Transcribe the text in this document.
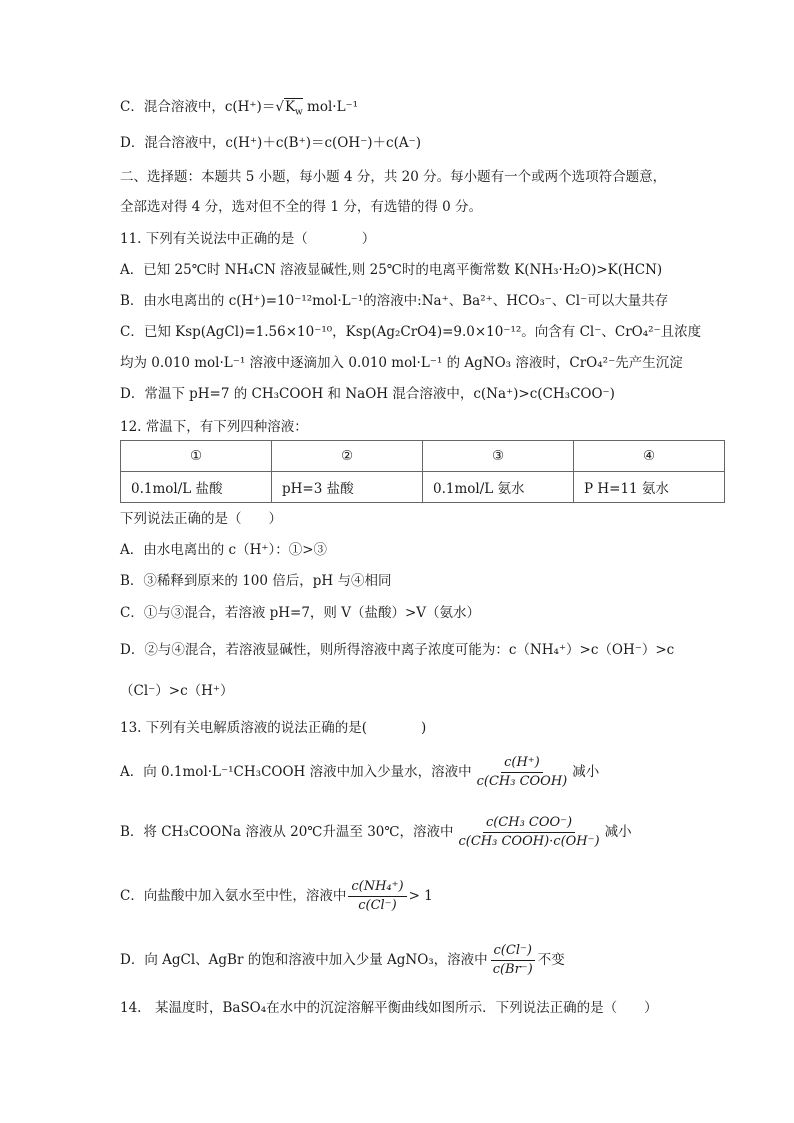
C．混合溶液中，$c(H^+)=√K_w$ mol·L⁻¹
D．混合溶液中，c(H⁺)＋c(B⁺)＝c(OH⁻)＋c(A⁻)
二、选择题：本题共 5 小题，每小题 4 分，共 20 分。每小题有一个或两个选项符合题意，
全部选对得 4 分，选对但不全的得 1 分，有选错的得 0 分。
11. 下列有关说法中正确的是（　　　　）
A．已知 25℃时 NH₄CN 溶液显碱性,则 25℃时的电离平衡常数 K(NH₃·H₂O)>K(HCN)
B．由水电离出的 c(H⁺)=10⁻¹²mol·L⁻¹的溶液中:Na⁺、Ba²⁺、HCO₃⁻、Cl⁻可以大量共存
C．已知 Ksp(AgCl)=1.56×10⁻¹⁰，Ksp(Ag₂CrO4)=9.0×10⁻¹²。向含有 Cl⁻、CrO₄²⁻且浓度
均为 0.010 mol·L⁻¹ 溶液中逐滴加入 0.010 mol·L⁻¹ 的 AgNO₃ 溶液时，CrO₄²⁻先产生沉淀
D．常温下 pH=7 的 CH₃COOH 和 NaOH 混合溶液中，c(Na⁺)>c(CH₃COO⁻)
12. 常温下，有下列四种溶液：
①	②	③	④
0.1mol/L 盐酸	pH=3 盐酸	0.1mol/L 氨水	P H=11 氨水
下列说法正确的是（　　）
A．由水电离出的 c（H⁺）：①>③
B．③稀释到原来的 100 倍后，pH 与④相同
C．①与③混合，若溶液 pH=7，则 V（盐酸）>V（氨水）
D．②与④混合，若溶液显碱性，则所得溶液中离子浓度可能为：c（NH₄⁺）>c（OH⁻）>c
（Cl⁻）>c（H⁺）
13. 下列有关电解质溶液的说法正确的是(　　　　)
A．向 0.1mol·L⁻¹CH₃COOH 溶液中加入少量水，溶液中 $\frac{c(H^+)}{\text{c(CH₃ COOH)}}$ 减小
B．将 CH₃COONa 溶液从 20℃升温至 30℃，溶液中 $\frac{\text{c(CH₃ COO⁻)}}{\text{c(CH₃ COOH)·c(OH⁻)}}$ 减小
C．向盐酸中加入氨水至中性，溶液中 $\frac{\text{c(NH₄⁺)}}{c(Cl^-)} > 1$
D．向 AgCl、AgBr 的饱和溶液中加入少量 AgNO₃，溶液中 $\frac{c(Cl^-)}{c(Br^-)}$ 不变
14.　某温度时，BaSO₄在水中的沉淀溶解平衡曲线如图所示．下列说法正确的是（　　）
